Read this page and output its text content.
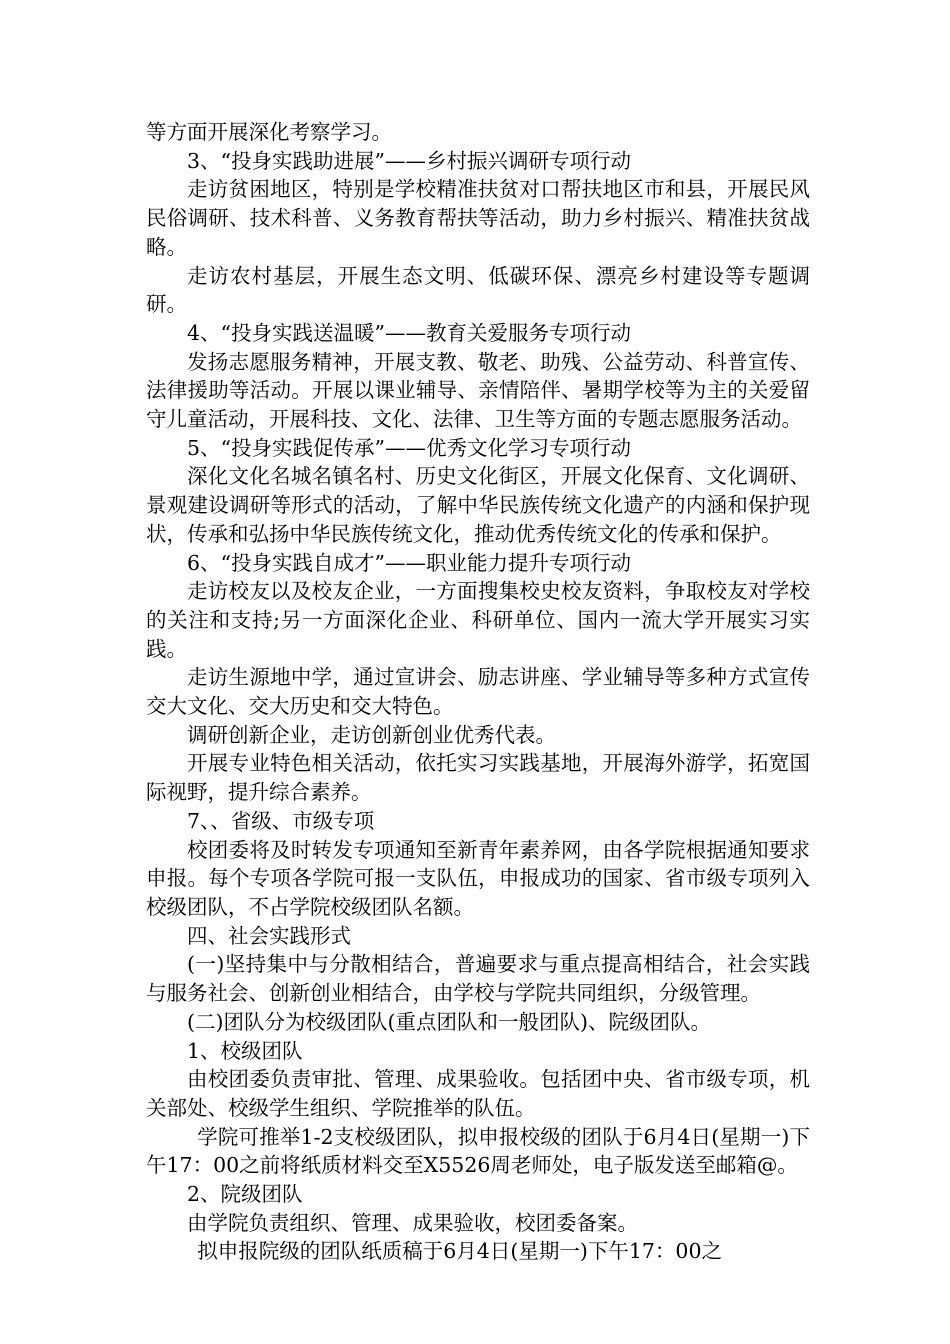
等方面开展深化考察学习。

3、“投身实践助进展”——乡村振兴调研专项行动

走访贫困地区，特别是学校精准扶贫对口帮扶地区市和县，开展民风民俗调研、技术科普、义务教育帮扶等活动，助力乡村振兴、精准扶贫战略。

走访农村基层，开展生态文明、低碳环保、漂亮乡村建设等专题调研。

4、“投身实践送温暖”——教育关爱服务专项行动

发扬志愿服务精神，开展支教、敬老、助残、公益劳动、科普宣传、法律援助等活动。开展以课业辅导、亲情陪伴、暑期学校等为主的关爱留守儿童活动，开展科技、文化、法律、卫生等方面的专题志愿服务活动。

5、“投身实践促传承”——优秀文化学习专项行动

深化文化名城名镇名村、历史文化街区，开展文化保育、文化调研、景观建设调研等形式的活动，了解中华民族传统文化遗产的内涵和保护现状，传承和弘扬中华民族传统文化，推动优秀传统文化的传承和保护。

6、“投身实践自成才”——职业能力提升专项行动

走访校友以及校友企业，一方面搜集校史校友资料，争取校友对学校的关注和支持;另一方面深化企业、科研单位、国内一流大学开展实习实践。

走访生源地中学，通过宣讲会、励志讲座、学业辅导等多种方式宣传交大文化、交大历史和交大特色。

调研创新企业，走访创新创业优秀代表。

开展专业特色相关活动，依托实习实践基地，开展海外游学，拓宽国际视野，提升综合素养。

7、、省级、市级专项

校团委将及时转发专项通知至新青年素养网，由各学院根据通知要求申报。每个专项各学院可报一支队伍，申报成功的国家、省市级专项列入校级团队，不占学院校级团队名额。

四、社会实践形式

(一)坚持集中与分散相结合，普遍要求与重点提高相结合，社会实践与服务社会、创新创业相结合，由学校与学院共同组织，分级管理。

(二)团队分为校级团队(重点团队和一般团队)、院级团队。

1、校级团队

由校团委负责审批、管理、成果验收。包括团中央、省市级专项，机关部处、校级学生组织、学院推举的队伍。

学院可推举1-2支校级团队，拟申报校级的团队于6月4日(星期一)下午17：00之前将纸质材料交至X5526周老师处，电子版发送至邮箱@。

2、院级团队

由学院负责组织、管理、成果验收，校团委备案。

拟申报院级的团队纸质稿于6月4日(星期一)下午17：00之
